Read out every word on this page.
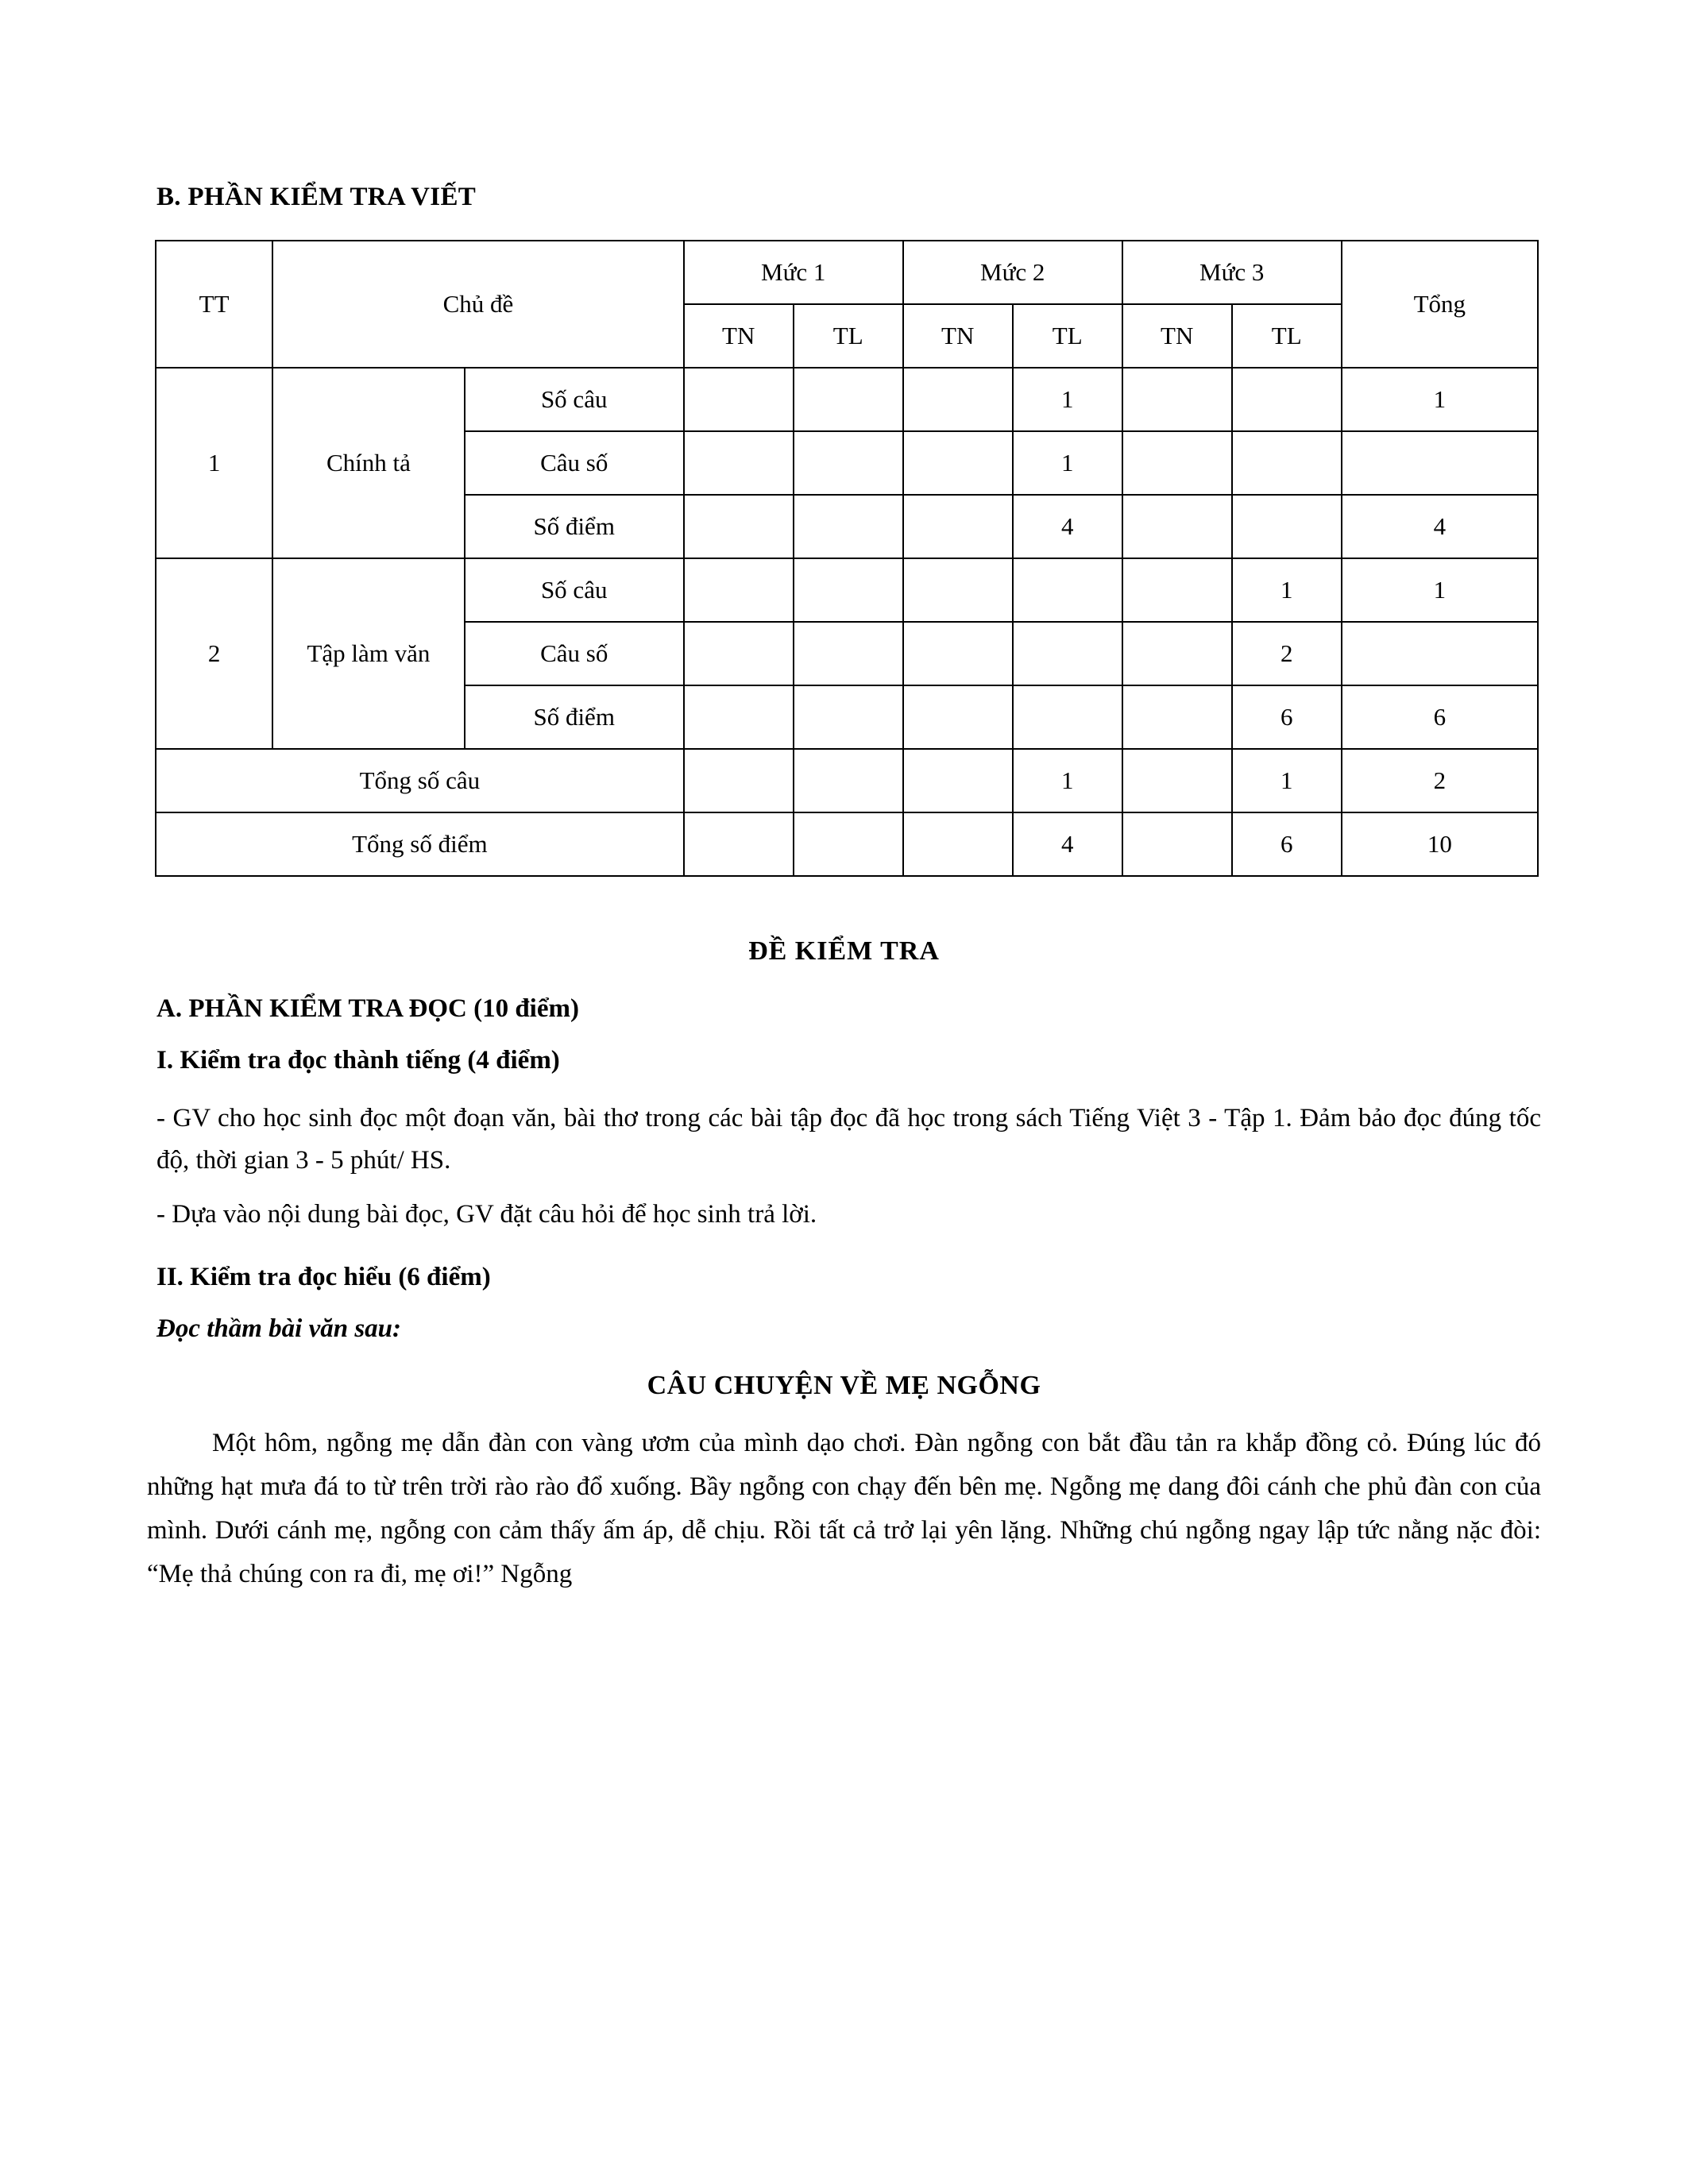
B. PHẦN KIỂM TRA VIẾT
TT	Chủ đề		Mức 1		Mức 2		Mức 3		Tổng
			TN	TL	TN	TL	TN	TL	
1	Chính tả	Số câu				1			1
		Câu số				1			
		Số điểm				4			4
2	Tập làm văn	Số câu						1	1
		Câu số						2	
		Số điểm						6	6
Tổng số câu						1		1	2
Tổng số điểm						4		6	10
ĐỀ KIỂM TRA
A. PHẦN KIỂM TRA ĐỌC (10 điểm)
I. Kiểm tra đọc thành tiếng (4 điểm)

- GV cho học sinh đọc một đoạn văn, bài thơ trong các bài tập đọc đã học trong sách Tiếng Việt 3 - Tập 1. Đảm bảo đọc đúng tốc độ, thời gian 3 - 5 phút/ HS.

- Dựa vào nội dung bài đọc, GV đặt câu hỏi để học sinh trả lời.

II. Kiểm tra đọc hiểu (6 điểm)
Đọc thầm bài văn sau:
CÂU CHUYỆN VỀ MẸ NGỖNG

Một hôm, ngỗng mẹ dẫn đàn con vàng ươm của mình dạo chơi. Đàn ngỗng con bắt đầu tản ra khắp đồng cỏ. Đúng lúc đó những hạt mưa đá to từ trên trời rào rào đổ xuống. Bầy ngỗng con chạy đến bên mẹ. Ngỗng mẹ dang đôi cánh che phủ đàn con của mình. Dưới cánh mẹ, ngỗng con cảm thấy ấm áp, dễ chịu. Rồi tất cả trở lại yên lặng. Những chú ngỗng ngay lập tức nằng nặc đòi: “Mẹ thả chúng con ra đi, mẹ ơi!” Ngỗng
